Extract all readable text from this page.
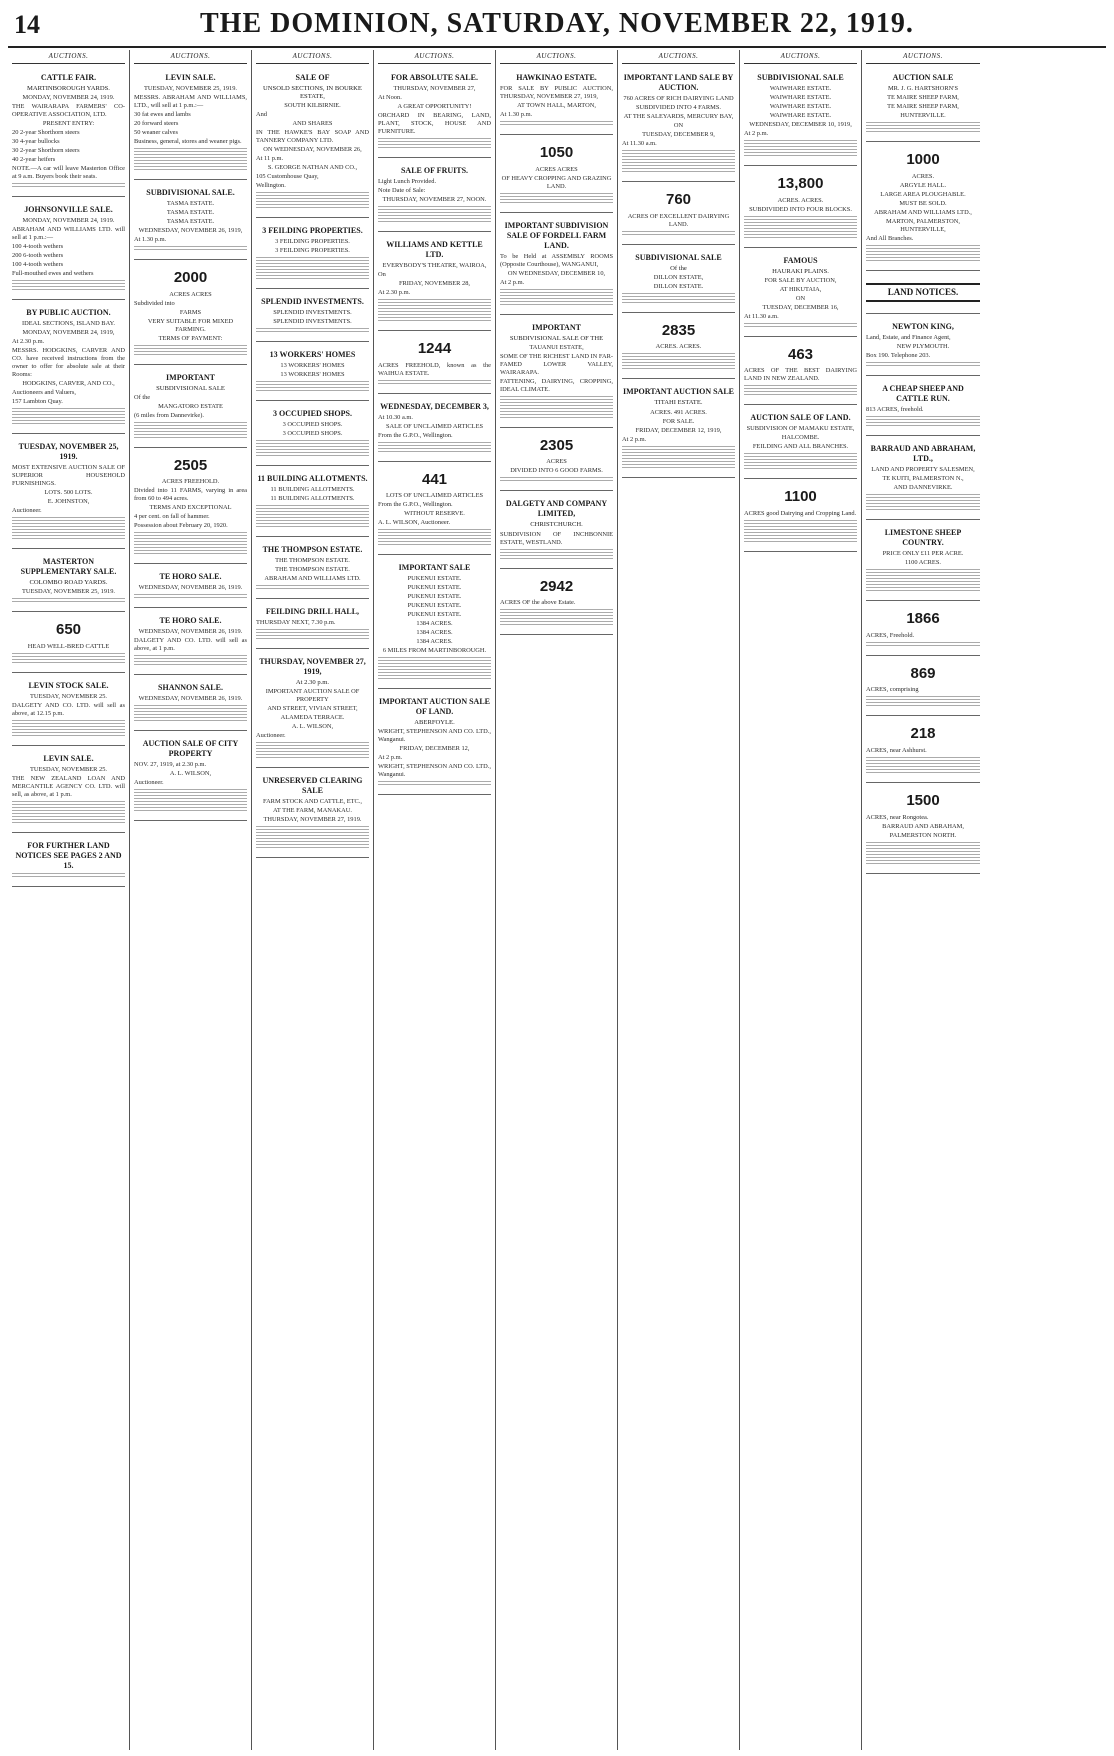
14	THE DOMINION, SATURDAY, NOVEMBER 22, 1919.
AUCTIONS.
CATTLE FAIR.
MARTINBOROUGH YARDS.
MONDAY, NOVEMBER 24, 1919.
THE WAIRARAPA FARMERS' CO-OPERATIVE ASSOCIATION, LTD.
PRESENT ENTRY:
20 2-year Shorthorn steers
30 4-year bullocks
30 2-year Shorthorn steers
40 2-year heifers
NOTE.—A car will leave Masterton Office at 9 a.m. Buyers book their seats.
JOHNSONVILLE SALE.
MONDAY, NOVEMBER 24, 1919.
ABRAHAM AND WILLIAMS LTD. will sell at 1 p.m.:—
100 4-tooth wethers
200 6-tooth wethers
100 4-tooth wethers
Full-mouthed ewes and wethers
BY PUBLIC AUCTION.
IDEAL SECTIONS, ISLAND BAY.
MONDAY, NOVEMBER 24, 1919,
At 2.30 p.m.
MESSRS. HODGKINS, CARVER AND CO. have received instructions from the owner to offer for absolute sale at their Rooms:
HODGKINS, CARVER, AND CO.,
Auctioneers and Valuers,
157 Lambton Quay.
TUESDAY, NOVEMBER 25, 1919.
MOST EXTENSIVE AUCTION SALE OF SUPERIOR HOUSEHOLD FURNISHINGS.
LOTS. 500 LOTS.
E. JOHNSTON,
Auctioneer.
MASTERTON SUPPLEMENTARY SALE.
COLOMBO ROAD YARDS.
TUESDAY, NOVEMBER 25, 1919.
650
HEAD WELL-BRED CATTLE
LEVIN STOCK SALE.
TUESDAY, NOVEMBER 25.
DALGETY AND CO. LTD. will sell as above, at 12.15 p.m.
LEVIN SALE.
TUESDAY, NOVEMBER 25.
THE NEW ZEALAND LOAN AND MERCANTILE AGENCY CO. LTD. will sell, as above, at 1 p.m.
FOR FURTHER LAND NOTICES SEE PAGES 2 AND 15.
AUCTIONS.
LEVIN SALE.
TUESDAY, NOVEMBER 25, 1919.
MESSRS. ABRAHAM AND WILLIAMS, LTD., will sell at 1 p.m.:—
30 fat ewes and lambs
20 forward steers
50 weaner calves
Business, general, stores and weaner pigs.
SUBDIVISIONAL SALE.
TASMA ESTATE.
TASMA ESTATE.
TASMA ESTATE.
WEDNESDAY, NOVEMBER 26, 1919,
At 1.30 p.m.
2000
ACRES ACRES
Subdivided into
FARMS
VERY SUITABLE FOR MIXED FARMING.
TERMS OF PAYMENT:
IMPORTANT
SUBDIVISIONAL SALE
Of the
MANGATORO ESTATE
(6 miles from Dannevirke).
2505
ACRES FREEHOLD.
Divided into 11 FARMS, varying in area from 60 to 494 acres.
TERMS AND EXCEPTIONAL
4 per cent. on fall of hammer.
Possession about February 20, 1920.
TE HORO SALE.
WEDNESDAY, NOVEMBER 26, 1919.
TE HORO SALE.
WEDNESDAY, NOVEMBER 26, 1919.
DALGETY AND CO. LTD. will sell as above, at 1 p.m.
SHANNON SALE.
WEDNESDAY, NOVEMBER 26, 1919.
AUCTION SALE OF CITY PROPERTY
NOV. 27, 1919, at 2.30 p.m.
A. L. WILSON,
Auctioneer.
AUCTIONS.
SALE OF
UNSOLD SECTIONS, IN BOURKE ESTATE,
SOUTH KILBIRNIE.
And
AND SHARES
IN THE HAWKE'S BAY SOAP AND TANNERY COMPANY LTD.
ON WEDNESDAY, NOVEMBER 26,
At 11 p.m.
S. GEORGE NATHAN AND CO.,
105 Customhouse Quay,
Wellington.
3 FEILDING PROPERTIES.
3 FEILDING PROPERTIES.
3 FEILDING PROPERTIES.
SPLENDID INVESTMENTS.
SPLENDID INVESTMENTS.
SPLENDID INVESTMENTS.
13 WORKERS' HOMES
13 WORKERS' HOMES
13 WORKERS' HOMES
3 OCCUPIED SHOPS.
3 OCCUPIED SHOPS.
3 OCCUPIED SHOPS.
11 BUILDING ALLOTMENTS.
11 BUILDING ALLOTMENTS.
11 BUILDING ALLOTMENTS.
THE THOMPSON ESTATE.
THE THOMPSON ESTATE.
THE THOMPSON ESTATE.
ABRAHAM AND WILLIAMS LTD.
FEILDING DRILL HALL,
THURSDAY NEXT, 7.30 p.m.
THURSDAY, NOVEMBER 27, 1919,
At 2.30 p.m.
IMPORTANT AUCTION SALE OF PROPERTY
AND STREET, VIVIAN STREET,
ALAMEDA TERRACE.
A. L. WILSON,
Auctioneer.
UNRESERVED CLEARING SALE
FARM STOCK AND CATTLE, ETC.,
AT THE FARM, MANAKAU.
THURSDAY, NOVEMBER 27, 1919.
AUCTIONS.
FOR ABSOLUTE SALE.
THURSDAY, NOVEMBER 27,
At Noon.
A GREAT OPPORTUNITY!
ORCHARD IN BEARING, LAND, PLANT, STOCK, HOUSE AND FURNITURE.
SALE OF FRUITS.
Light Lunch Provided.
Note Date of Sale:
THURSDAY, NOVEMBER 27, NOON.
WILLIAMS AND KETTLE LTD.
EVERYBODY'S THEATRE, WAIROA,
On
FRIDAY, NOVEMBER 28,
At 2.30 p.m.
1244
ACRES FREEHOLD, known as the WAIHUA ESTATE.
WEDNESDAY, DECEMBER 3,
At 10.30 a.m.
SALE OF UNCLAIMED ARTICLES
From the G.P.O., Wellington.
441
LOTS OF UNCLAIMED ARTICLES
From the G.P.O., Wellington.
WITHOUT RESERVE.
A. L. WILSON, Auctioneer.
IMPORTANT SALE
PUKENUI ESTATE.
PUKENUI ESTATE.
PUKENUI ESTATE.
PUKENUI ESTATE.
PUKENUI ESTATE.
1384 ACRES.
1384 ACRES.
1384 ACRES.
6 MILES FROM MARTINBOROUGH.
IMPORTANT AUCTION SALE OF LAND.
ABERFOYLE.
WRIGHT, STEPHENSON AND CO. LTD., Wanganui.
FRIDAY, DECEMBER 12,
At 2 p.m.
WRIGHT, STEPHENSON AND CO. LTD., Wanganui.
AUCTIONS.
HAWKINAO ESTATE.
FOR SALE BY PUBLIC AUCTION, THURSDAY, NOVEMBER 27, 1919,
AT TOWN HALL, MARTON,
At 1.30 p.m.
1050
ACRES ACRES
OF HEAVY CROPPING AND GRAZING LAND.
IMPORTANT SUBDIVISION SALE OF FORDELL FARM LAND.
To be Held at ASSEMBLY ROOMS (Opposite Courthouse), WANGANUI,
ON WEDNESDAY, DECEMBER 10,
At 2 p.m.
IMPORTANT
SUBDIVISIONAL SALE OF THE
TAUANUI ESTATE,
SOME OF THE RICHEST LAND IN FAR-FAMED LOWER VALLEY, WAIRARAPA.
FATTENING, DAIRYING, CROPPING, IDEAL CLIMATE.
2305
ACRES
DIVIDED INTO 6 GOOD FARMS.
DALGETY AND COMPANY LIMITED,
CHRISTCHURCH.
SUBDIVISION OF INCHBONNIE ESTATE, WESTLAND.
2942
ACRES OF the above Estate.
AUCTIONS.
IMPORTANT LAND SALE BY AUCTION.
760 ACRES OF RICH DAIRYING LAND
SUBDIVIDED INTO 4 FARMS.
AT THE SALEYARDS, MERCURY BAY,
ON
TUESDAY, DECEMBER 9,
At 11.30 a.m.
760
ACRES OF EXCELLENT DAIRYING LAND.
SUBDIVISIONAL SALE
Of the
DILLON ESTATE,
DILLON ESTATE.
2835
ACRES. ACRES.
IMPORTANT AUCTION SALE
TITAHI ESTATE.
ACRES. 491 ACRES.
FOR SALE.
FRIDAY, DECEMBER 12, 1919,
At 2 p.m.
AUCTIONS.
SUBDIVISIONAL SALE
WAIWHARE ESTATE.
WAIWHARE ESTATE.
WAIWHARE ESTATE.
WAIWHARE ESTATE.
WEDNESDAY, DECEMBER 10, 1919,
At 2 p.m.
13,800
ACRES. ACRES.
SUBDIVIDED INTO FOUR BLOCKS.
FAMOUS
HAURAKI PLAINS.
FOR SALE BY AUCTION,
AT HIKUTAIA,
ON
TUESDAY, DECEMBER 16,
At 11.30 a.m.
463
ACRES OF THE BEST DAIRYING LAND IN NEW ZEALAND.
AUCTION SALE OF LAND.
SUBDIVISION OF MAMAKU ESTATE,
HALCOMBE.
FEILDING AND ALL BRANCHES.
1100
ACRES good Dairying and Cropping Land.
AUCTIONS.
AUCTION SALE
MR. J. G. HARTSHORN'S
TE MAIRE SHEEP FARM,
TE MAIRE SHEEP FARM,
HUNTERVILLE.
1000
ACRES.
ARGYLE HALL.
LARGE AREA PLOUGHABLE.
MUST BE SOLD.
ABRAHAM AND WILLIAMS LTD.,
MARTON, PALMERSTON, HUNTERVILLE,
And All Branches.
LAND NOTICES.
NEWTON KING,
Land, Estate, and Finance Agent,
NEW PLYMOUTH.
Box 190. Telephone 203.
A CHEAP SHEEP AND CATTLE RUN.
813 ACRES, freehold.
BARRAUD AND ABRAHAM, LTD.,
LAND AND PROPERTY SALESMEN,
TE KUITI, PALMERSTON N.,
AND DANNEVIRKE.
LIMESTONE SHEEP COUNTRY.
PRICE ONLY £11 PER ACRE.
1100 ACRES.
1866
ACRES, Freehold.
869
ACRES, comprising
218
ACRES, near Ashhurst.
1500
ACRES, near Rongotea.
BARRAUD AND ABRAHAM,
PALMERSTON NORTH.
